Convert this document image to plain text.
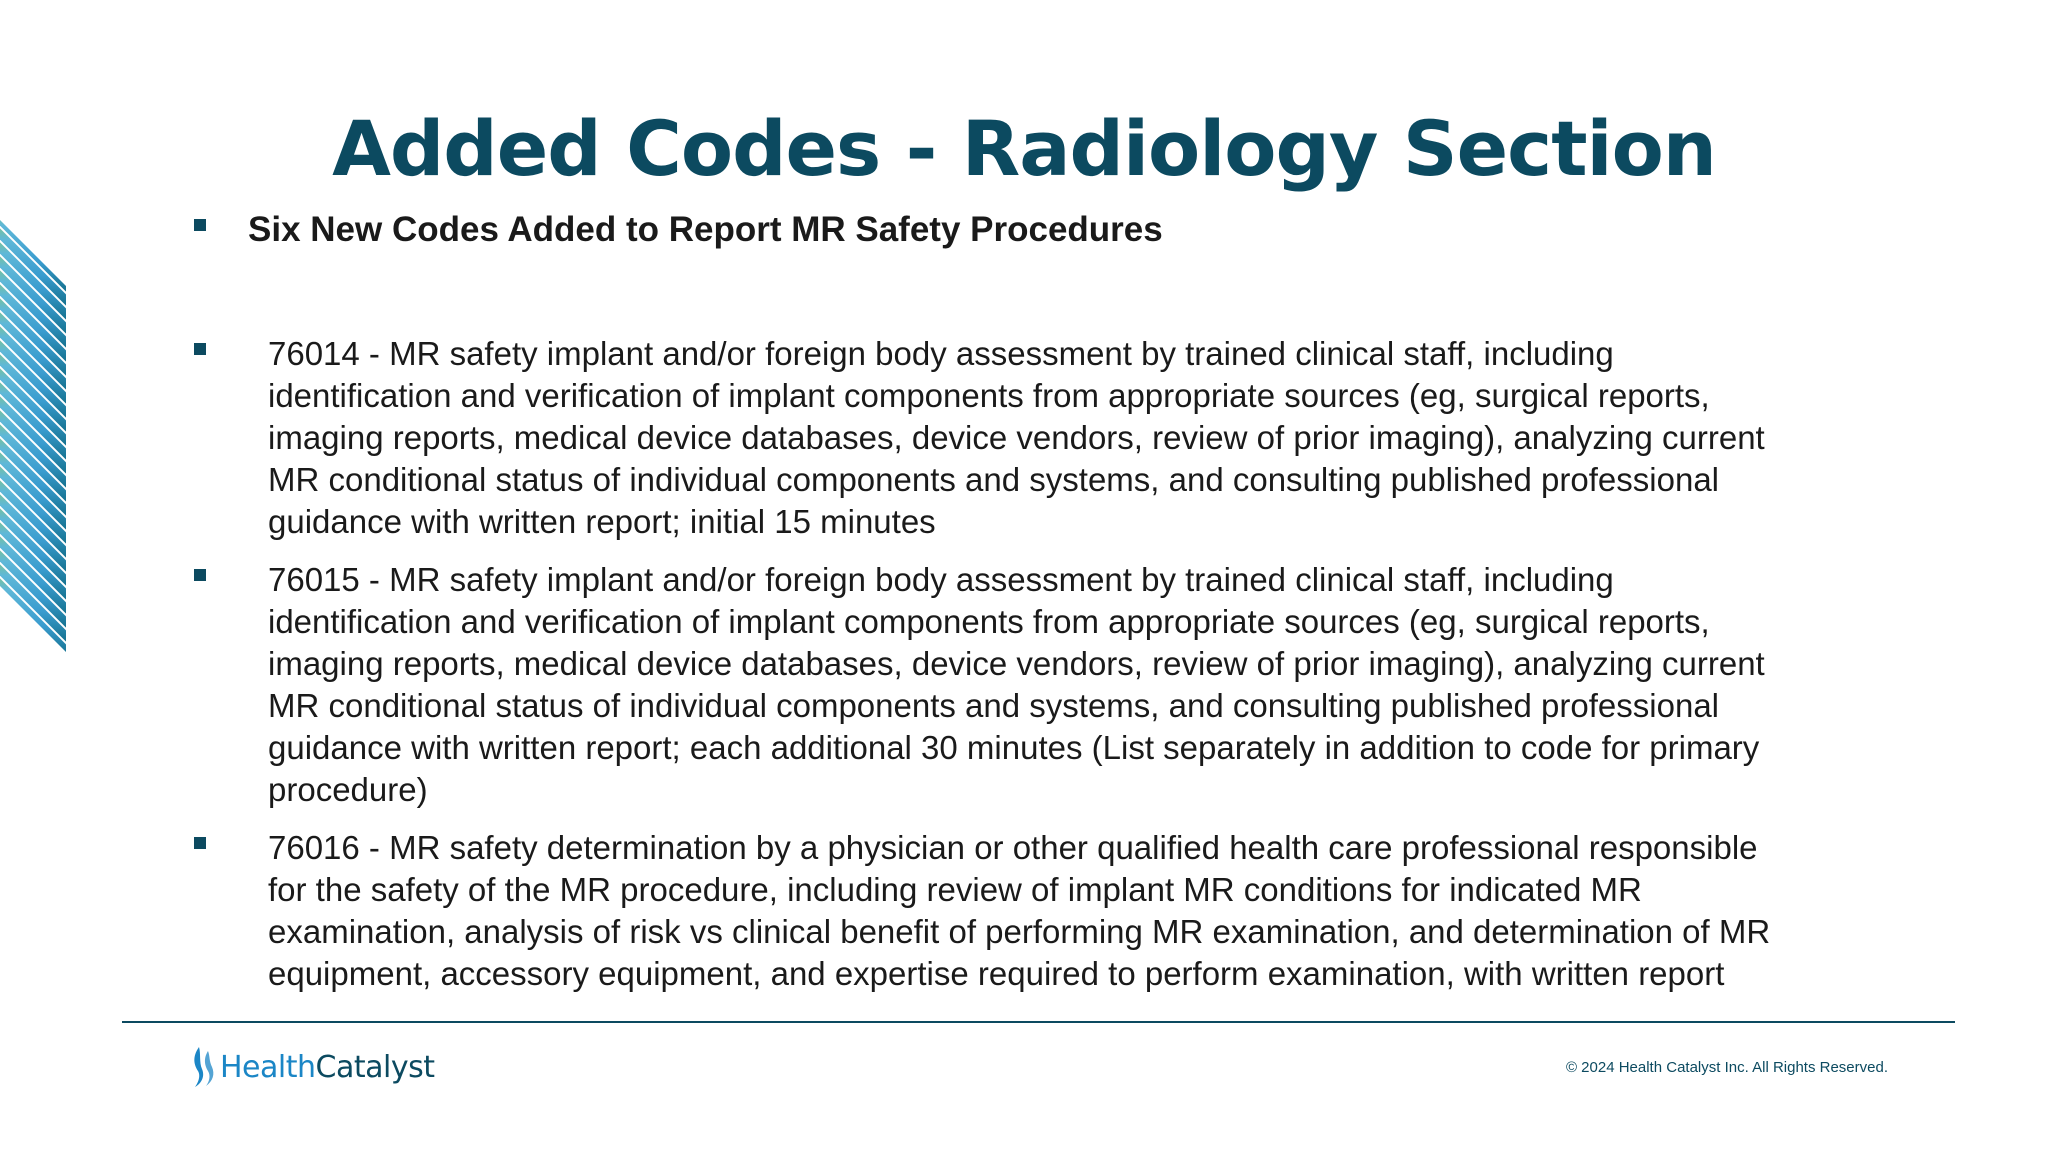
Added Codes - Radiology Section
Six New Codes Added to Report MR Safety Procedures
76014 - MR safety implant and/or foreign body assessment by trained clinical staff, including
identification and verification of implant components from appropriate sources (eg, surgical reports,
imaging reports, medical device databases, device vendors, review of prior imaging), analyzing current
MR conditional status of individual components and systems, and consulting published professional
guidance with written report; initial 15 minutes
76015 - MR safety implant and/or foreign body assessment by trained clinical staff, including
identification and verification of implant components from appropriate sources (eg, surgical reports,
imaging reports, medical device databases, device vendors, review of prior imaging), analyzing current
MR conditional status of individual components and systems, and consulting published professional
guidance with written report; each additional 30 minutes (List separately in addition to code for primary
procedure)
76016 - MR safety determination by a physician or other qualified health care professional responsible
for the safety of the MR procedure, including review of implant MR conditions for indicated MR
examination, analysis of risk vs clinical benefit of performing MR examination, and determination of MR
equipment, accessory equipment, and expertise required to perform examination, with written report
Health Catalyst	© 2024 Health Catalyst Inc. All Rights Reserved.
